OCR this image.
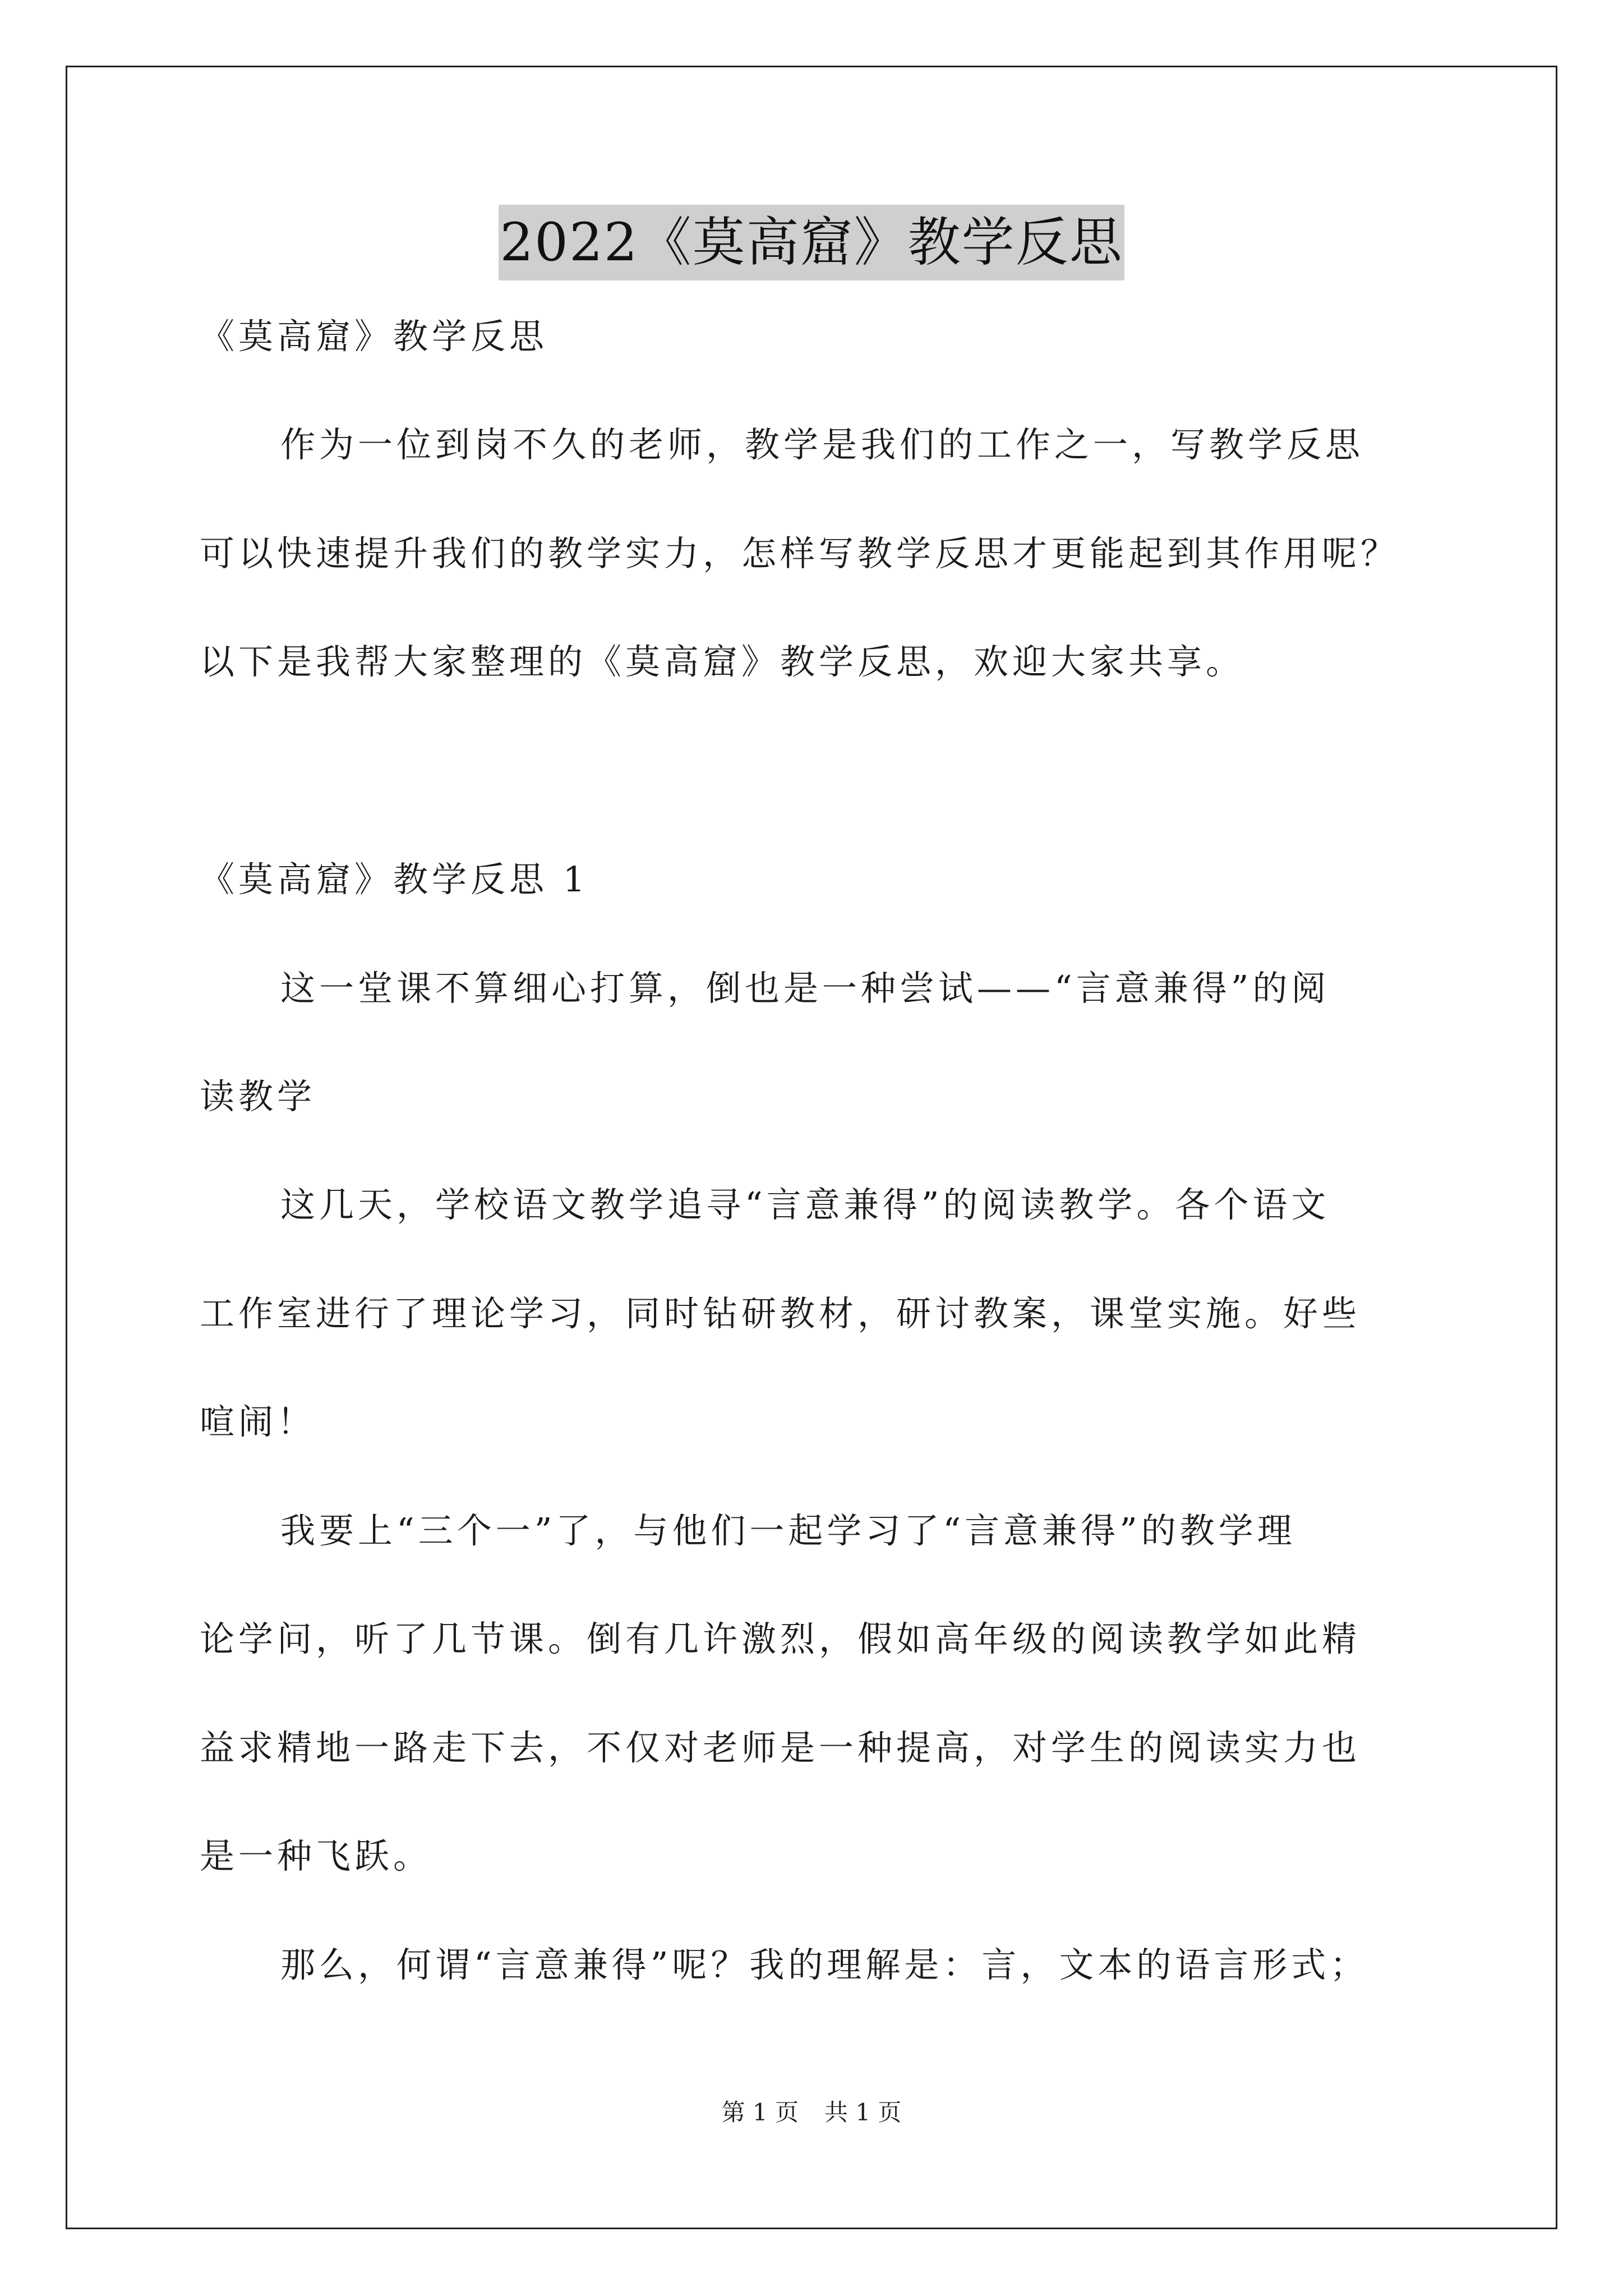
2022《莫高窟》教学反思
《莫高窟》教学反思
作为一位到岗不久的老师，教学是我们的工作之一，写教学反思
可以快速提升我们的教学实力，怎样写教学反思才更能起到其作用呢？
以下是我帮大家整理的《莫高窟》教学反思，欢迎大家共享。
《莫高窟》教学反思 1
这一堂课不算细心打算，倒也是一种尝试——“言意兼得”的阅
读教学
这几天，学校语文教学追寻“言意兼得”的阅读教学。各个语文
工作室进行了理论学习，同时钻研教材，研讨教案，课堂实施。好些
喧闹！
我要上“三个一”了，与他们一起学习了“言意兼得”的教学理
论学问，听了几节课。倒有几许激烈，假如高年级的阅读教学如此精
益求精地一路走下去，不仅对老师是一种提高，对学生的阅读实力也
是一种飞跃。
那么，何谓“言意兼得”呢？我的理解是：言，文本的语言形式；
第 1 页 共 1 页
